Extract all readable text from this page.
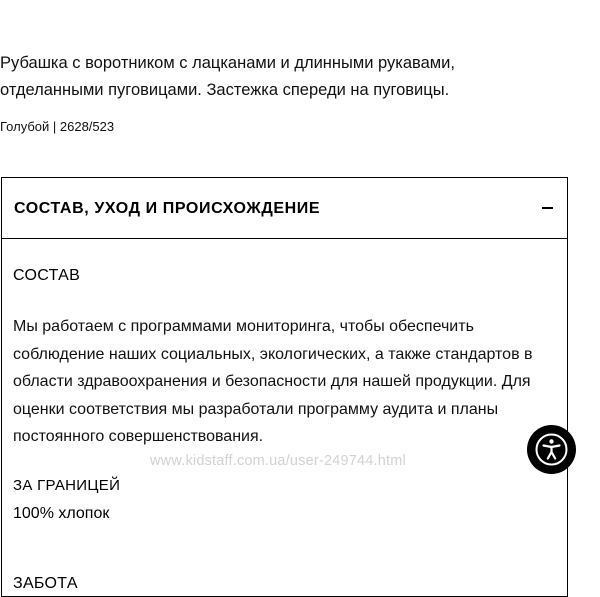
Рубашка с воротником с лацканами и длинными рукавами, отделанными пуговицами. Застежка спереди на пуговицы.
Голубой | 2628/523
СОСТАВ, УХОД И ПРОИСХОЖДЕНИЕ
СОСТАВ
Мы работаем с программами мониторинга, чтобы обеспечить соблюдение наших социальных, экологических, а также стандартов в области здравоохранения и безопасности для нашей продукции. Для оценки соответствия мы разработали программу аудита и планы постоянного совершенствования.
www.kidstaff.com.ua/user-249744.html
ЗА ГРАНИЦЕЙ
100% хлопок
ЗАБОТА
